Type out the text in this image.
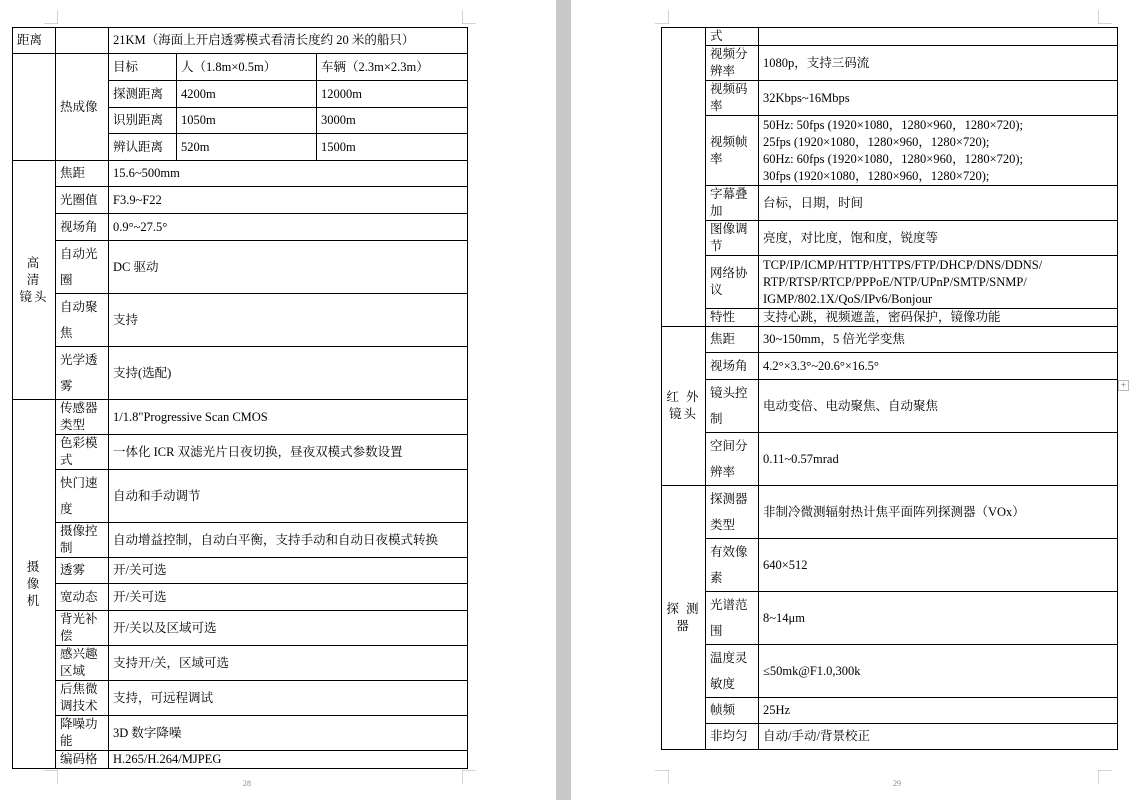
距离		21KM（海面上开启透雾模式看清长度约 20 米的船只）		
	热成像	目标	人（1.8m×0.5m）	车辆（2.3m×2.3m）
		探测距离	4200m	12000m
		识别距离	1050m	3000m
		辨认距离	520m	1500m
高 清 镜头	焦距	15.6~500mm		
	光圈值	F3.9~F22		
	视场角	0.9°~27.5°		
	自动光圈	DC 驱动		
	自动聚焦	支持		
	光学透雾	支持(选配)		
摄 像 机	传感器类型	1/1.8"Progressive Scan CMOS		
	色彩模式	一体化 ICR 双滤光片日夜切换，昼夜双模式参数设置		
	快门速度	自动和手动调节		
	摄像控制	自动增益控制，自动白平衡，支持手动和自动日夜模式转换		
	透雾	开/关可选		
	宽动态	开/关可选		
	背光补偿	开/关以及区域可选		
	感兴趣区域	支持开/关，区域可选		
	后焦微调技术	支持，可远程调试		
	降噪功能	3D 数字降噪		
	编码格	H.265/H.264/MJPEG		
28
	式	
	视频分辨率	1080p，支持三码流
	视频码率	32Kbps~16Mbps
	视频帧率	50Hz: 50fps (1920×1080，1280×960，1280×720);
25fps (1920×1080，1280×960，1280×720);
60Hz: 60fps (1920×1080，1280×960，1280×720);
30fps (1920×1080，1280×960，1280×720);

	字幕叠加	台标，日期，时间
	图像调节	亮度，对比度，饱和度，锐度等
	网络协议	TCP/IP/ICMP/HTTP/HTTPS/FTP/DHCP/DNS/DDNS/
RTP/RTSP/RTCP/PPPoE/NTP/UPnP/SMTP/SNMP/
IGMP/802.1X/QoS/IPv6/Bonjour

	特性	支持心跳，视频遮盖，密码保护，镜像功能
红 外 镜头	焦距	30~150mm，5 倍光学变焦
	视场角	4.2°×3.3°~20.6°×16.5°
	镜头控制	电动变倍、电动聚焦、自动聚焦
	空间分辨率	0.11~0.57mrad
探 测 器	探测器类型	非制冷微测辐射热计焦平面阵列探测器（VOx）
	有效像素	640×512
	光谱范围	8~14μm
	温度灵敏度	≤50mk@F1.0,300k
	帧频	25Hz
	非均匀	自动/手动/背景校正
29
+
